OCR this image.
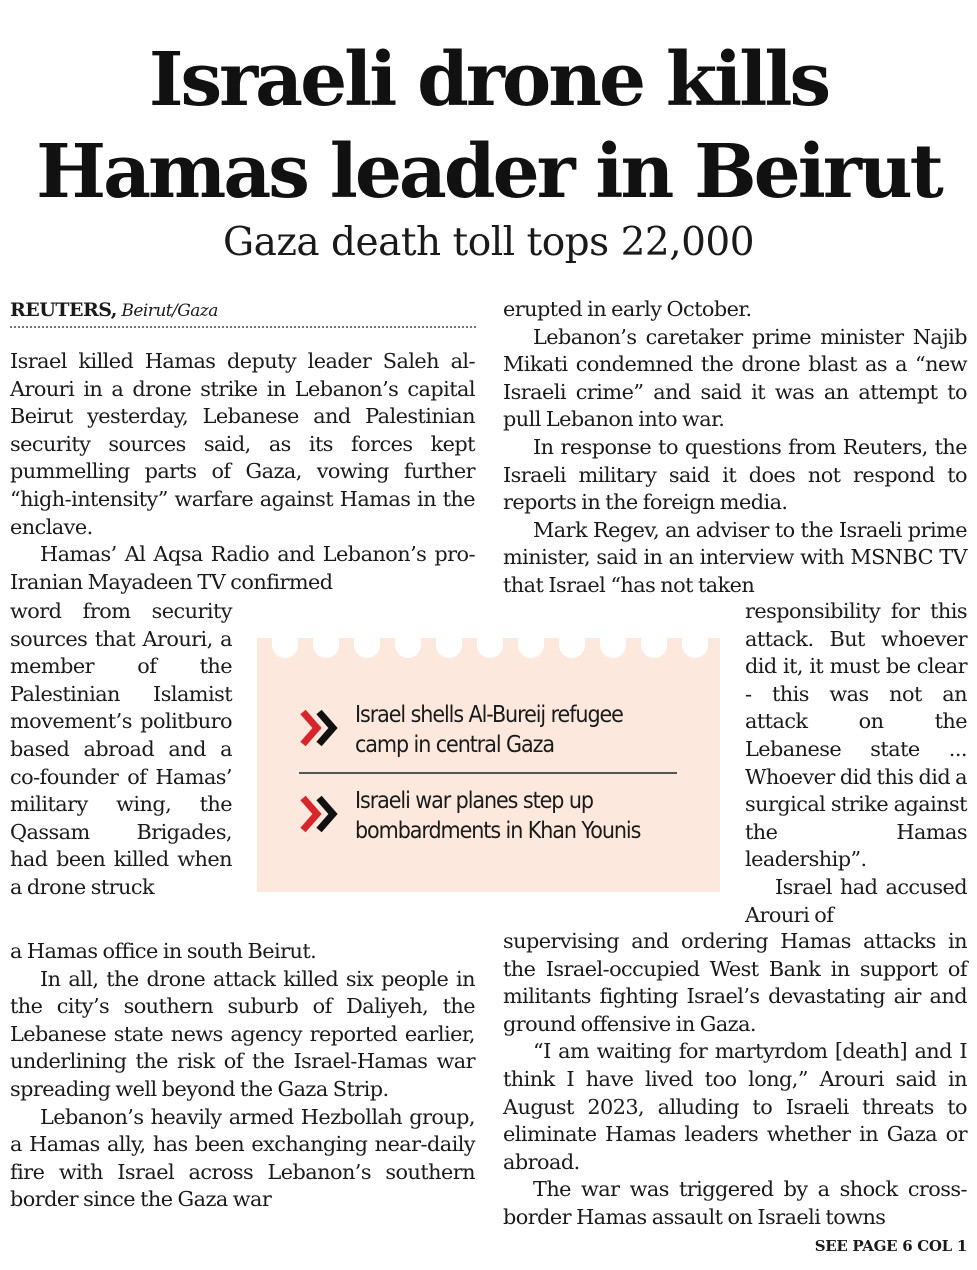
Israeli drone kills
Hamas leader in Beirut
Gaza death toll tops 22,000
REUTERS, Beirut/Gaza

Israel killed Hamas deputy leader Saleh al-Arouri in a drone strike in Lebanon’s capital Beirut yesterday, Lebanese and Palestinian security sources said, as its forces kept pummelling parts of Gaza, vowing further “high-intensity” warfare against Hamas in the enclave.

Hamas’ Al Aqsa Radio and Lebanon’s pro-Iranian Mayadeen TV confirmed

word from security sources that Arouri, a member of the Palestinian Islamist movement’s politburo based abroad and a co-founder of Hamas’ military wing, the Qassam Brigades, had been killed when a drone struck

a Hamas office in south Beirut.

In all, the drone attack killed six people in the city’s southern suburb of Daliyeh, the Lebanese state news agency reported earlier, underlining the risk of the Israel-Hamas war spreading well beyond the Gaza Strip.

Lebanon’s heavily armed Hezbollah group, a Hamas ally, has been exchanging near-daily fire with Israel across Lebanon’s southern border since the Gaza war

erupted in early October.

Lebanon’s caretaker prime minister Najib Mikati condemned the drone blast as a “new Israeli crime” and said it was an attempt to pull Lebanon into war.

In response to questions from Reuters, the Israeli military said it does not respond to reports in the foreign media.

Mark Regev, an adviser to the Israeli prime minister, said in an interview with MSNBC TV that Israel “has not taken

responsibility for this attack. But whoever did it, it must be clear - this was not an attack on the Lebanese state ... Whoever did this did a surgical strike against the Hamas leadership”.

Israel had accused Arouri of

supervising and ordering Hamas attacks in the Israel-occupied West Bank in support of militants fighting Israel’s devastating air and ground offensive in Gaza.

“I am waiting for martyrdom [death] and I think I have lived too long,” Arouri said in August 2023, alluding to Israeli threats to eliminate Hamas leaders whether in Gaza or abroad.

The war was triggered by a shock cross-border Hamas assault on Israeli towns

SEE PAGE 6 COL 1
Israel shells Al-Bureij refugee
camp in central Gaza
Israeli war planes step up
bombardments in Khan Younis
